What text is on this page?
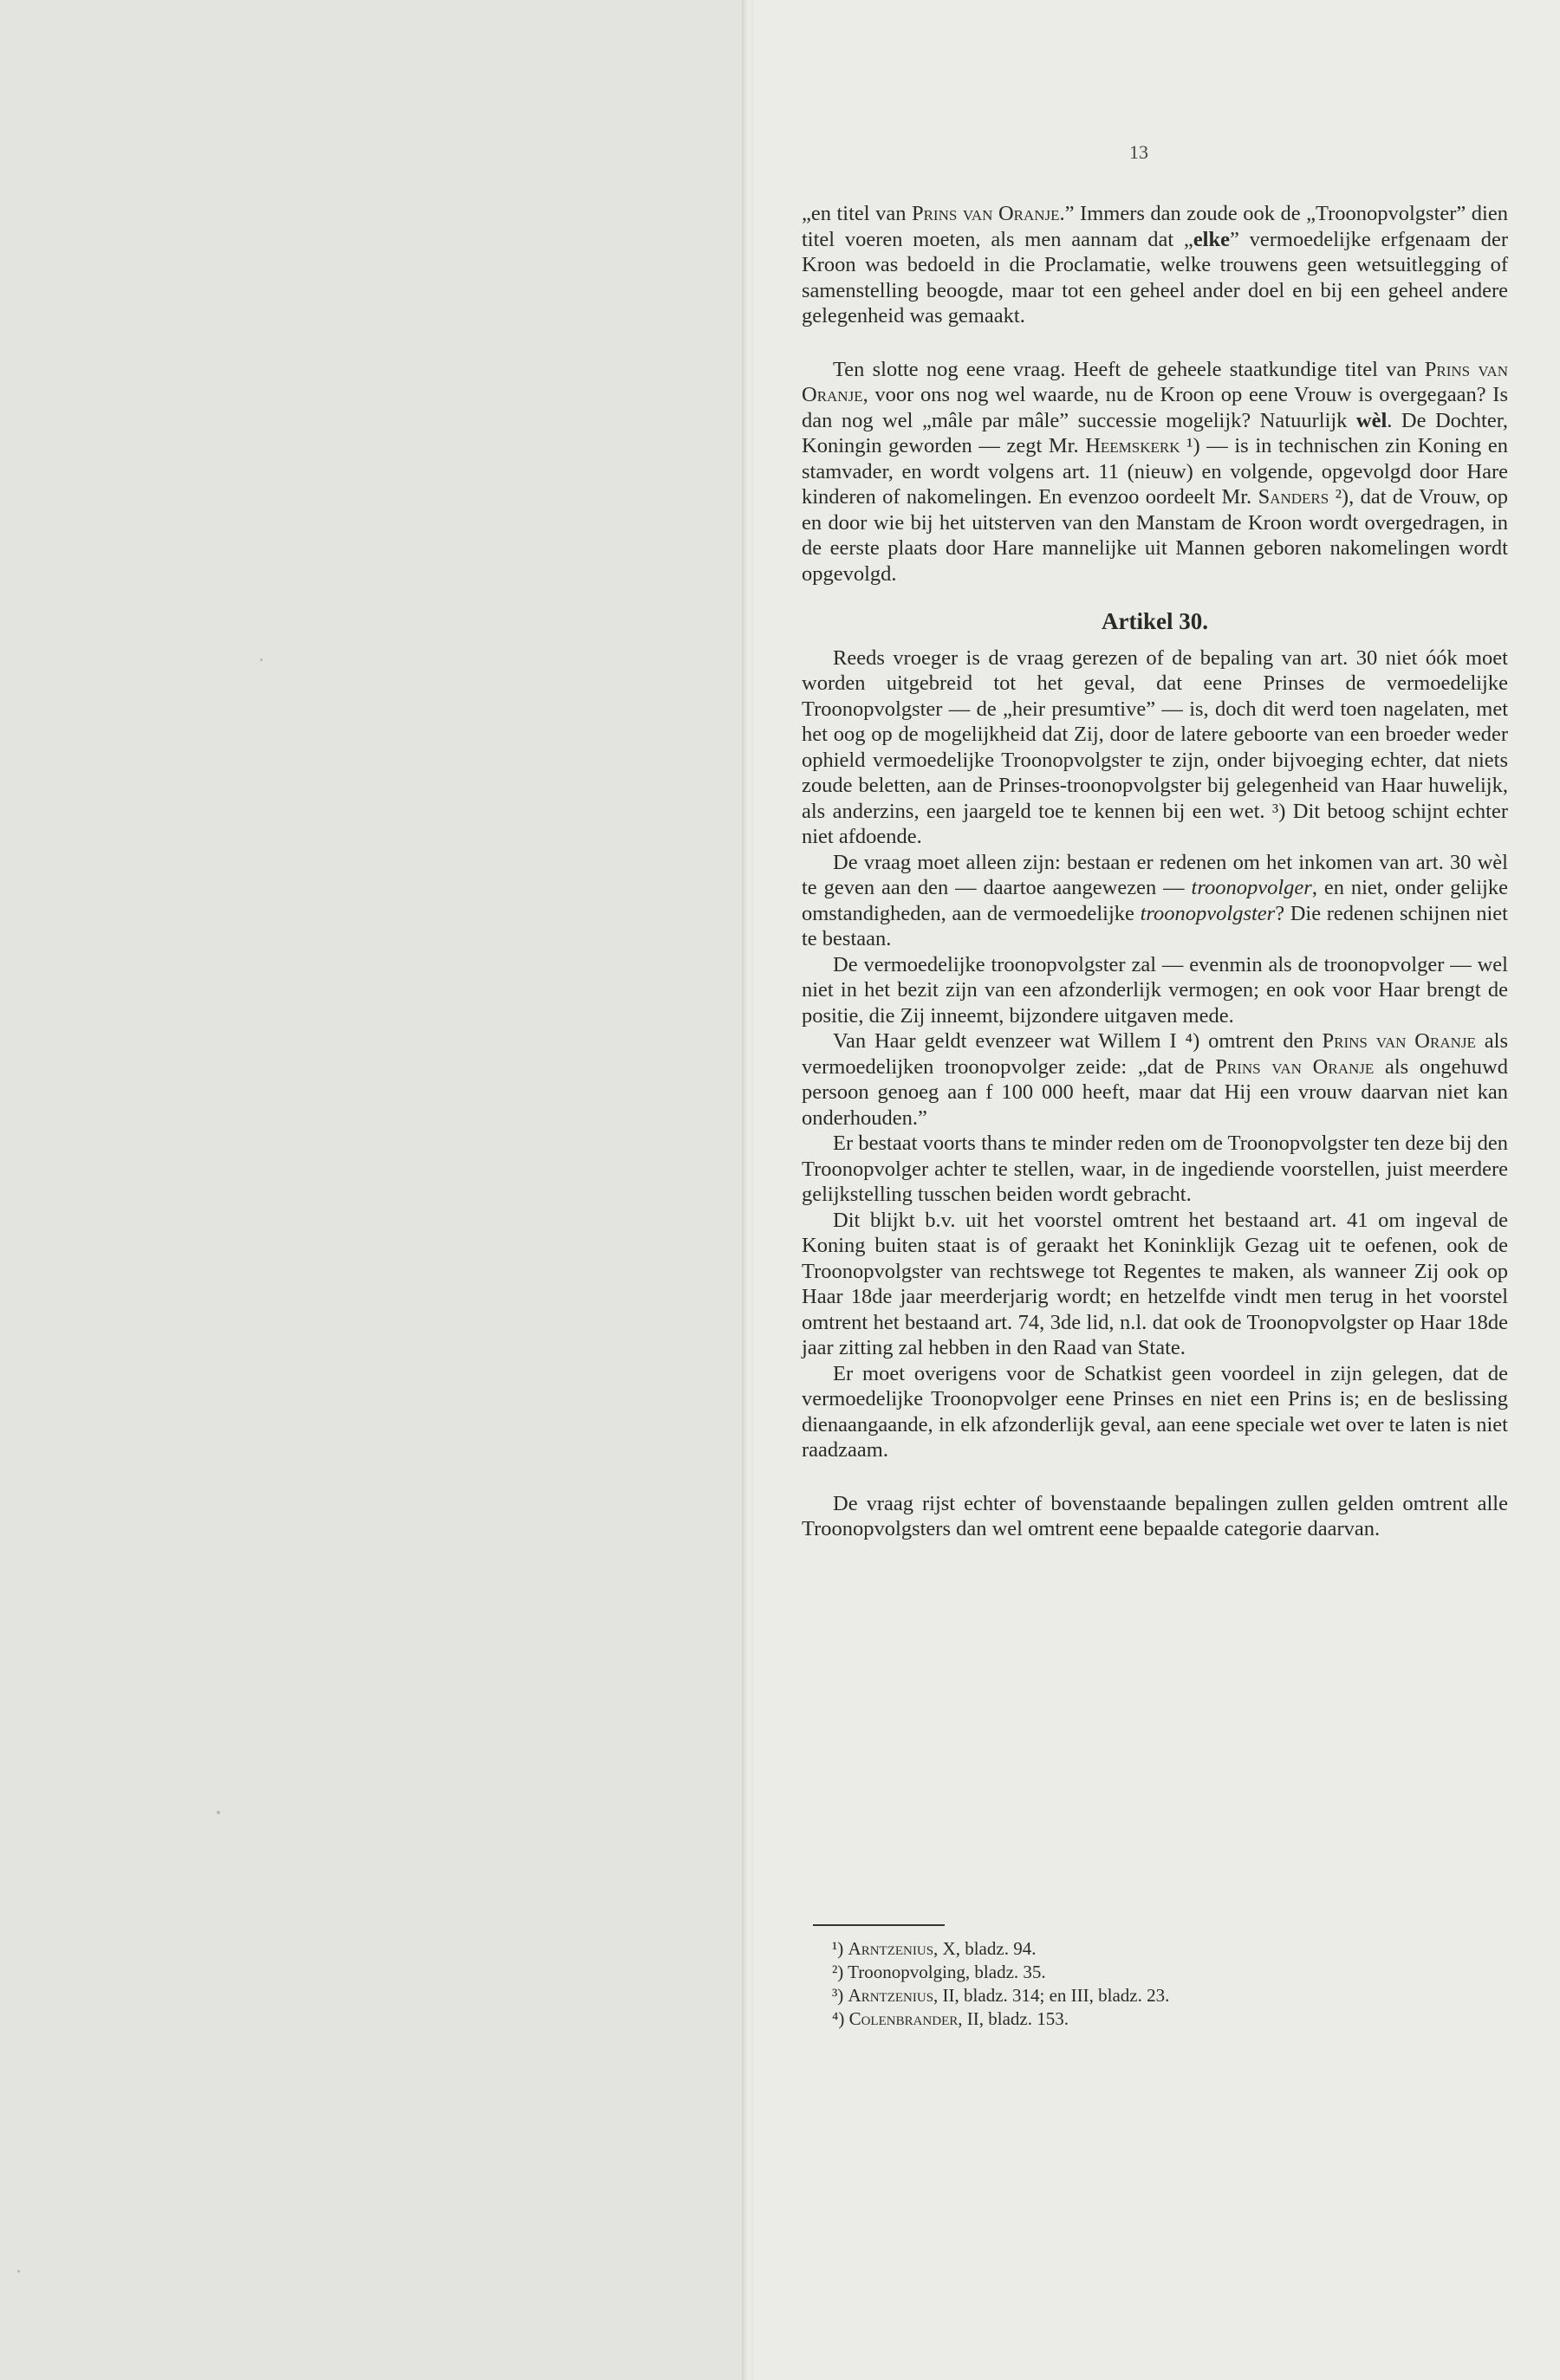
13

„en titel van Prins van Oranje.” Immers dan zoude ook de „Troonopvolgster” dien titel voeren moeten, als men aannam dat „elke” vermoedelijke erfgenaam der Kroon was bedoeld in die Proclamatie, welke trouwens geen wetsuitlegging of samenstelling beoogde, maar tot een geheel ander doel en bij een geheel andere gelegenheid was gemaakt.

Ten slotte nog eene vraag. Heeft de geheele staatkundige titel van Prins van Oranje, voor ons nog wel waarde, nu de Kroon op eene Vrouw is overgegaan? Is dan nog wel „mâle par mâle” successie mogelijk? Natuurlijk wèl. De Dochter, Koningin geworden — zegt Mr. Heemskerk ¹) — is in technischen zin Koning en stamvader, en wordt volgens art. 11 (nieuw) en volgende, opgevolgd door Hare kinderen of nakomelingen. En evenzoo oordeelt Mr. Sanders ²), dat de Vrouw, op en door wie bij het uitsterven van den Manstam de Kroon wordt overgedragen, in de eerste plaats door Hare mannelijke uit Mannen geboren nakomelingen wordt opgevolgd.

Artikel 30.

Reeds vroeger is de vraag gerezen of de bepaling van art. 30 niet óók moet worden uitgebreid tot het geval, dat eene Prinses de vermoedelijke Troonopvolgster — de „heir presumtive” — is, doch dit werd toen nagelaten, met het oog op de mogelijkheid dat Zij, door de latere geboorte van een broeder weder ophield vermoedelijke Troonopvolgster te zijn, onder bijvoeging echter, dat niets zoude beletten, aan de Prinses-troonopvolgster bij gelegenheid van Haar huwelijk, als anderzins, een jaargeld toe te kennen bij een wet. ³) Dit betoog schijnt echter niet afdoende.

De vraag moet alleen zijn: bestaan er redenen om het inkomen van art. 30 wèl te geven aan den — daartoe aangewezen — troonopvolger, en niet, onder gelijke omstandigheden, aan de vermoedelijke troonopvolgster? Die redenen schijnen niet te bestaan.

De vermoedelijke troonopvolgster zal — evenmin als de troonopvolger — wel niet in het bezit zijn van een afzonderlijk vermogen; en ook voor Haar brengt de positie, die Zij inneemt, bijzondere uitgaven mede.

Van Haar geldt evenzeer wat Willem I ⁴) omtrent den Prins van Oranje als vermoedelijken troonopvolger zeide: „dat de Prins van Oranje als ongehuwd persoon genoeg aan f 100 000 heeft, maar dat Hij een vrouw daarvan niet kan onderhouden.”

Er bestaat voorts thans te minder reden om de Troonopvolgster ten deze bij den Troonopvolger achter te stellen, waar, in de ingediende voorstellen, juist meerdere gelijkstelling tusschen beiden wordt gebracht.

Dit blijkt b.v. uit het voorstel omtrent het bestaand art. 41 om ingeval de Koning buiten staat is of geraakt het Koninklijk Gezag uit te oefenen, ook de Troonopvolgster van rechtswege tot Regentes te maken, als wanneer Zij ook op Haar 18de jaar meerderjarig wordt; en hetzelfde vindt men terug in het voorstel omtrent het bestaand art. 74, 3de lid, n.l. dat ook de Troonopvolgster op Haar 18de jaar zitting zal hebben in den Raad van State.

Er moet overigens voor de Schatkist geen voordeel in zijn gelegen, dat de vermoedelijke Troonopvolger eene Prinses en niet een Prins is; en de beslissing dienaangaande, in elk afzonderlijk geval, aan eene speciale wet over te laten is niet raadzaam.

De vraag rijst echter of bovenstaande bepalingen zullen gelden omtrent alle Troonopvolgsters dan wel omtrent eene bepaalde categorie daarvan.

¹) Arntzenius, X, bladz. 94.
²) Troonopvolging, bladz. 35.
³) Arntzenius, II, bladz. 314; en III, bladz. 23.
⁴) Colenbrander, II, bladz. 153.
